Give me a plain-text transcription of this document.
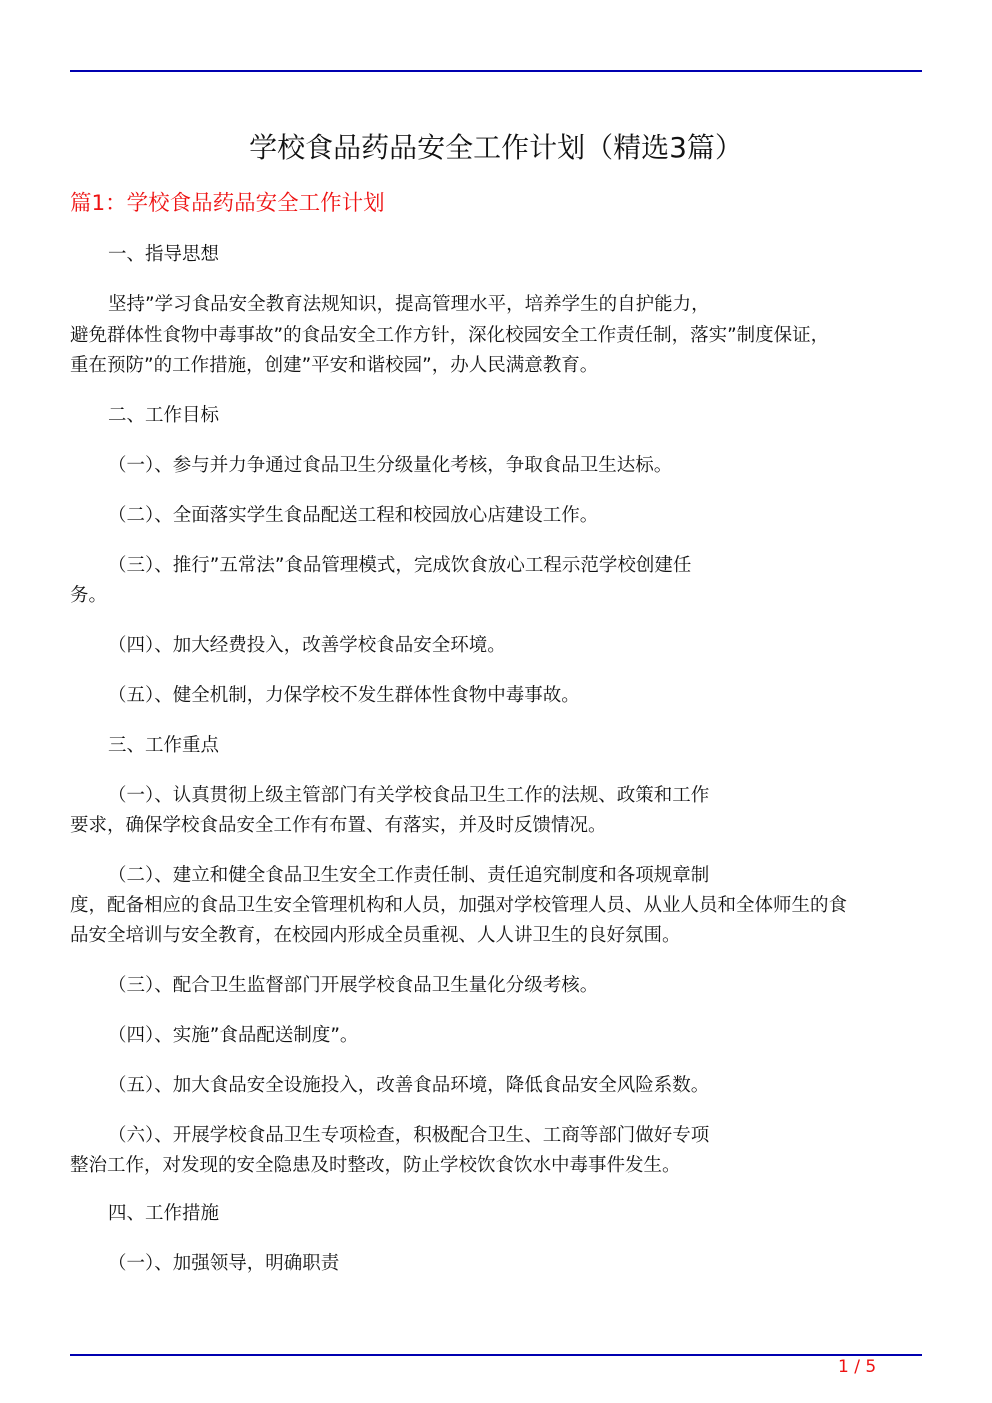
学校食品药品安全工作计划（精选3篇）
篇1：学校食品药品安全工作计划
一、指导思想
坚持”学习食品安全教育法规知识，提高管理水平，培养学生的自护能力，
避免群体性食物中毒事故”的食品安全工作方针，深化校园安全工作责任制，落实”制度保证，
重在预防”的工作措施，创建”平安和谐校园”，办人民满意教育。
二、工作目标
（一）、参与并力争通过食品卫生分级量化考核，争取食品卫生达标。
（二）、全面落实学生食品配送工程和校园放心店建设工作。
（三）、推行”五常法”食品管理模式，完成饮食放心工程示范学校创建任
务。
（四）、加大经费投入，改善学校食品安全环境。
（五）、健全机制，力保学校不发生群体性食物中毒事故。
三、工作重点
（一）、认真贯彻上级主管部门有关学校食品卫生工作的法规、政策和工作
要求，确保学校食品安全工作有布置、有落实，并及时反馈情况。
（二）、建立和健全食品卫生安全工作责任制、责任追究制度和各项规章制
度，配备相应的食品卫生安全管理机构和人员，加强对学校管理人员、从业人员和全体师生的食
品安全培训与安全教育，在校园内形成全员重视、人人讲卫生的良好氛围。
（三）、配合卫生监督部门开展学校食品卫生量化分级考核。
（四）、实施”食品配送制度”。
（五）、加大食品安全设施投入，改善食品环境，降低食品安全风险系数。
（六）、开展学校食品卫生专项检查，积极配合卫生、工商等部门做好专项
整治工作，对发现的安全隐患及时整改，防止学校饮食饮水中毒事件发生。
四、工作措施
（一）、加强领导，明确职责
1 / 5
